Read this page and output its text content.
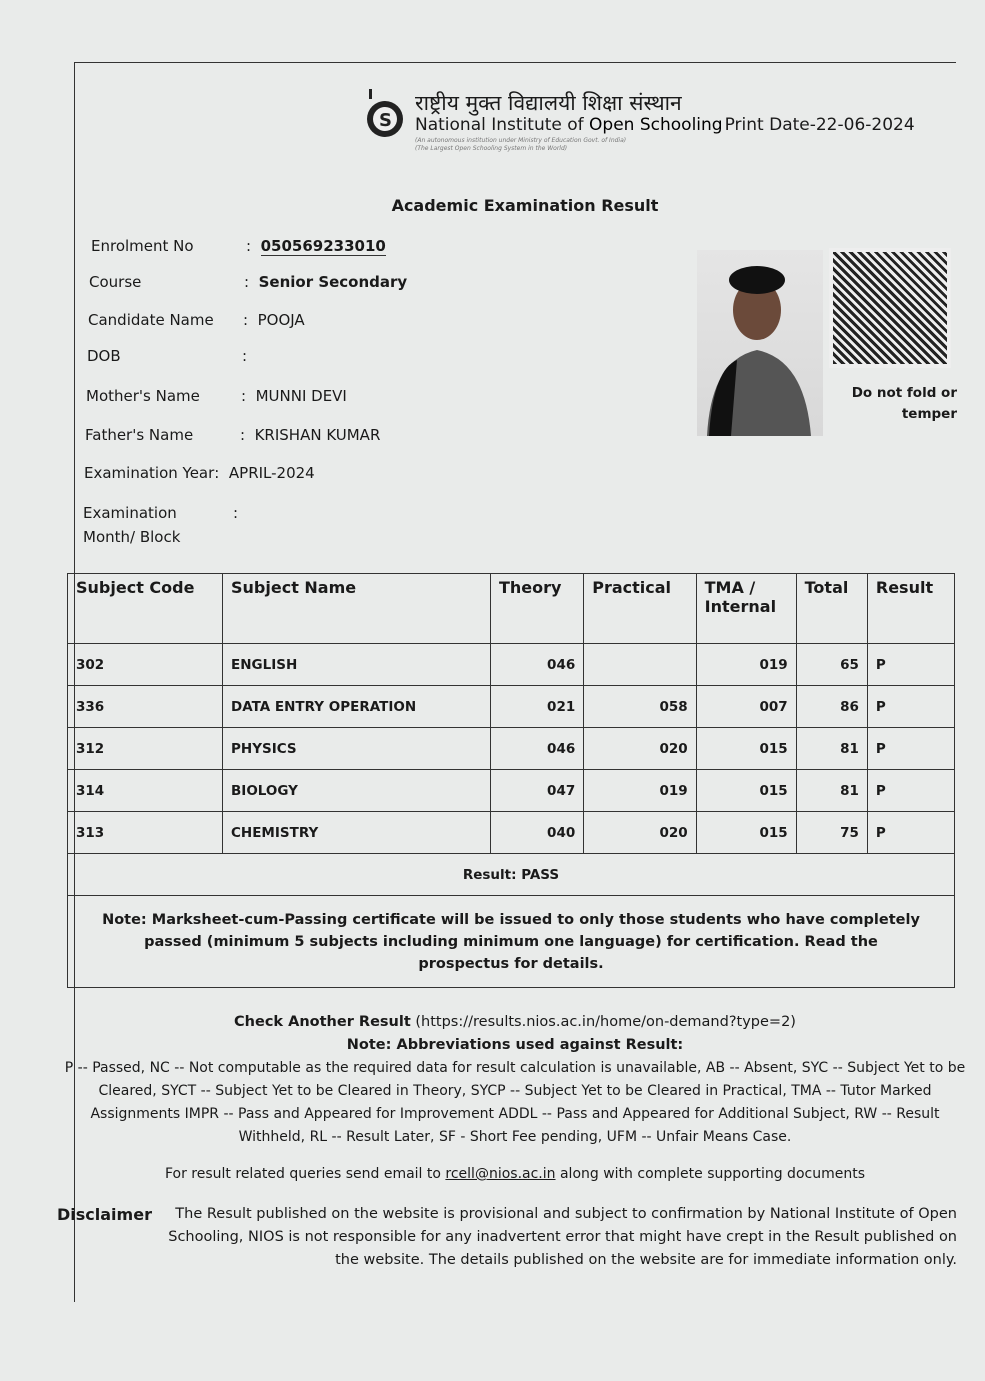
S
राष्ट्रीय मुक्त विद्यालयी शिक्षा संस्थान
National Institute of Open Schooling Print Date-22-06-2024
(An autonomous institution under Ministry of Education Govt. of India)
(The Largest Open Schooling System in the World)
Academic Examination Result
Enrolment No	:  050569233010
Course	:  Senior Secondary
Candidate Name :  POOJA
DOB	:
Mother's Name	:  MUNNI DEVI
Father's Name	:  KRISHAN KUMAR
Examination Year:  APRIL-2024
Examination Month/ Block:
Do not fold or temper
Subject Code	Subject Name	Theory	Practical	TMA / Internal	Total	Result
302	ENGLISH	046		019	65	P
336	DATA ENTRY OPERATION	021	058	007	86	P
312	PHYSICS	046	020	015	81	P
314	BIOLOGY	047	019	015	81	P
313	CHEMISTRY	040	020	015	75	P
Result: PASS						
Note: Marksheet-cum-Passing certificate will be issued to only those students who have completely passed (minimum 5 subjects including minimum one language) for certification. Read the prospectus for details.						
Check Another Result (https://results.nios.ac.in/home/on-demand?type=2)
Note: Abbreviations used against Result:
P -- Passed, NC -- Not computable as the required data for result calculation is unavailable, AB -- Absent, SYC -- Subject Yet to be Cleared, SYCT -- Subject Yet to be Cleared in Theory, SYCP -- Subject Yet to be Cleared in Practical, TMA -- Tutor Marked Assignments IMPR -- Pass and Appeared for Improvement ADDL -- Pass and Appeared for Additional Subject, RW -- Result Withheld, RL -- Result Later, SF - Short Fee pending, UFM -- Unfair Means Case.
For result related queries send email to rcell@nios.ac.in along with complete supporting documents
Disclaimer	The Result published on the website is provisional and subject to confirmation by National Institute of Open Schooling, NIOS is not responsible for any inadvertent error that might have crept in the Result published on the website. The details published on the website are for immediate information only.
